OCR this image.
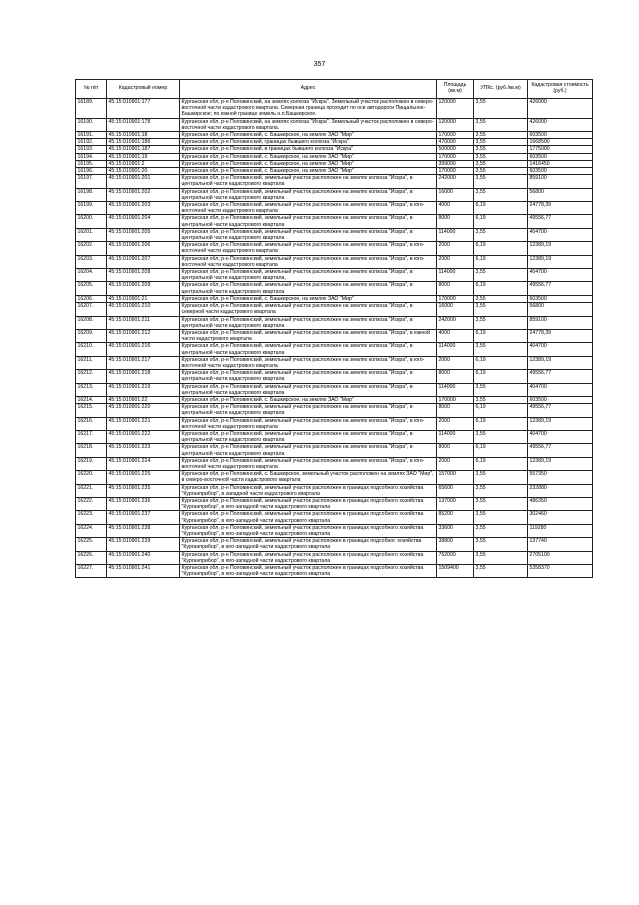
357
№ п/п	Кадастровый номер	Адрес	Площадь (кв.м)	УПКс. (руб./кв.м)	Кадастровая стоимость (руб.)
16189.	45:15:010901:177	Курганская обл, р-н Половинский, на землях колхоза "Искра". Земельный участок расположен в северо-восточной части кадастрового квартала. Северная граница проходит по оси автодороги Пищальное-Башкирское; по южной границе земель н.п.Башкирское.	120000	3,55	426000
16190.	45:15:010901:178	Курганская обл, р-н Половинский, на землях колхоза "Искра". Земельный участок расположен в северо-восточной части кадастрового квартала.	120000	3,55	426000
16191.	45:15:010901:18	Курганская обл, р-н Половинский, с. Башкирское, на землях ЗАО "Мир"	170000	3,55	603500
16192.	45:15:010901:186	Курганская обл, р-н Половинский, границах бывшего колхоза "Искра"	470000	3,55	1668500
16193.	45:15:010901:187	Курганская обл, р-н Половинский, в границах бывшего колхоза "Искра"	500000	3,55	1775000
16194.	45:15:010901:19	Курганская обл, р-н Половинский, с. Башкирское, на землях ЗАО "Мир"	170000	3,55	603500
16195.	45:15:010901:2	Курганская обл, р-н Половинский, с. Башкирское, на землях ЗАО "Мир"	399000	3,55	1416450
16196.	45:15:010901:20	Курганская обл, р-н Половинский, с. Башкирское, на землях ЗАО "Мир"	170000	3,55	603500
16197.	45:15:010901:201	Курганская обл, р-н Половинский, земельный участок расположен на землях колхоза "Искра", в центральной части кадастрового квартала	242000	3,55	859100
16198.	45:15:010901:202	Курганская обл, р-н Половинский, земельный участок расположен на землях колхоза "Искра", в центральной части кадастрового квартала	16000	3,55	56800
16199.	45:15:010901:203	Курганская обл, р-н Половинский, земельный участок расположен на землях колхоза "Искра", в юго-восточной части кадастрового квартала	4000	6,19	24778,39
16200.	45:15:010901:204	Курганская обл, р-н Половинский, земельный участок расположен на землях колхоза "Искра", в центральной части кадастрового квартала	8000	6,19	49556,77
16201.	45:15:010901:205	Курганская обл, р-н Половинский, земельный участок расположен на землях колхоза "Искра", в центральной части кадастрового квартала	114000	3,55	404700
16202.	45:15:010901:206	Курганская обл, р-н Половинский, земельный участок расположен на землях колхоза "Искра", в юго-восточной части кадастрового квартала	2000	6,19	12389,19
16203.	45:15:010901:207	Курганская обл, р-н Половинский, земельный участок расположен на землях колхоза "Искра", в юго-восточной части кадастрового квартала	2000	6,19	12389,19
16204.	45:15:010901:208	Курганская обл, р-н Половинский, земельный участок расположен на землях колхоза "Искра", в центральной части кадастрового квартала,	114000	3,55	404700
16205.	45:15:010901:209	Курганская обл, р-н Половинский, земельный участок расположен на землях колхоза "Искра", в центральной части кадастрового квартала	8000	6,19	49556,77
16206.	45:15:010901:21	Курганская обл, р-н Половинский, с. Башкирское, на землях ЗАО "Мир"	170000	3,55	603500
16207.	45:15:010901:210	Курганская обл, р-н Половинский, земельный участок расположен на землях колхоза "Искра", в северной части кадастрового квартала	16000	3,55	56800
16208.	45:15:010901:211	Курганская обл, р-н Половинский, земельный участок расположен на землях колхоза "Искра", в центральной части кадастрового квартала	242000	3,55	859100
16209.	45:15:010901:212	Курганская обл, р-н Половинский, земельный участок расположен на землях колхоза "Искра", в южной части кадастрового квартала	4000	6,19	24778,39
16210.	45:15:010901:216	Курганская обл, р-н Половинский, земельный участок расположен на землях колхоза "Искра", в центральной части кадастрового квартала	114000	3,55	404700
16211.	45:15:010901:217	Курганская обл, р-н Половинский, земельный участок расположен на землях колхоза "Искра", в юго-восточной части кадастрового квартала	2000	6,19	12389,19
16212.	45:15:010901:218	Курганская обл, р-н Половинский, земельный участок расположен на землях колхоза "Искра", в центральной части кадастрового квартала	8000	6,19	49556,77
16213.	45:15:010901:219	Курганская обл, р-н Половинский, земельный участок расположен на землях колхоза "Искра", в центральной части кадастрового квартала	114000	3,55	404700
16214.	45:15:010901:22	Курганская обл, р-н Половинский, с. Башкирское, на землях ЗАО "Мир"	170000	3,55	603500
16215.	45:15:010901:220	Курганская обл, р-н Половинский, земельный участок расположен на землях колхоза "Искра", в центральной части кадастрового квартала	8000	6,19	49556,77
16216.	45:15:010901:221	Курганская обл, р-н Половинский, земельный участок расположен на землях колхоза "Искра", в юго-восточной части кадастрового квартала	2000	6,19	12389,19
16217.	45:15:010901:222	Курганская обл, р-н Половинский, земельный участок расположен на землях колхоза "Искра", в центральной части кадастрового квартала	114000	3,55	404700
16218.	45:15:010901:223	Курганская обл, р-н Половинский, земельный участок расположен на землях колхоза "Искра", в центральной части кадастрового квартала	8000	6,19	49556,77
16219.	45:15:010901:224	Курганская обл, р-н Половинский, земельный участок расположен на землях колхоза "Искра", в юго-восточной части кадастрового квартала	2000	6,19	12389,19
16220.	45:15:010901:225	Курганская обл, р-н Половинский, с. Башкирское, земельный участок расположен на землях ЗАО "Мир", в северо-восточной части кадастрового квартала	157000	3,55	557350
16221.	45:15:010901:235	Курганская обл, р-н Половинский, земельный участок расположен в границах подсобного хозяйства "Курганприбор", в западной части кадастрового квартала	65600	3,55	232880
16222.	45:15:010901:236	Курганская обл, р-н Половинский, земельный участок расположен в границах подсобного хозяйства "Курганприбор", в юго-западной части кадастрового квартала	137000	3,55	486350
16223.	45:15:010901:237	Курганская обл, р-н Половинский, земельный участок расположен в границах подсобного хозяйства "Курганприбор", в юго-западной части кадастрового квартала	85200	3,55	302460
16224.	45:15:010901:238	Курганская обл, р-н Половинский, земельный участок расположен в границах подсобного хозяйства "Курганприбор", в юго-западной части кадастрового квартала	33600	3,55	119280
16225.	45:15:010901:239	Курганская обл, р-н Половинский, земельный участок расположен в границах подсобног. хозяйства "Курганприбор", в юго-западной части кадастрового квартала	38800	3,55	137740
16226.	45:15:010901:240	Курганская обл, р-н Половинский, земельный участок расположен в границах подсобного хозяйства "Курганприбор", в юго-западной части кадастрового квартала	762000	3,55	2705100
16227.	45:15:010901:241	Курганская обл, р-н Половинский, земельный участок расположен в границах подсобного хозяйства "Курганприбор", в юго-западной части кадастрового квартала	1509400	3,55	5358370
